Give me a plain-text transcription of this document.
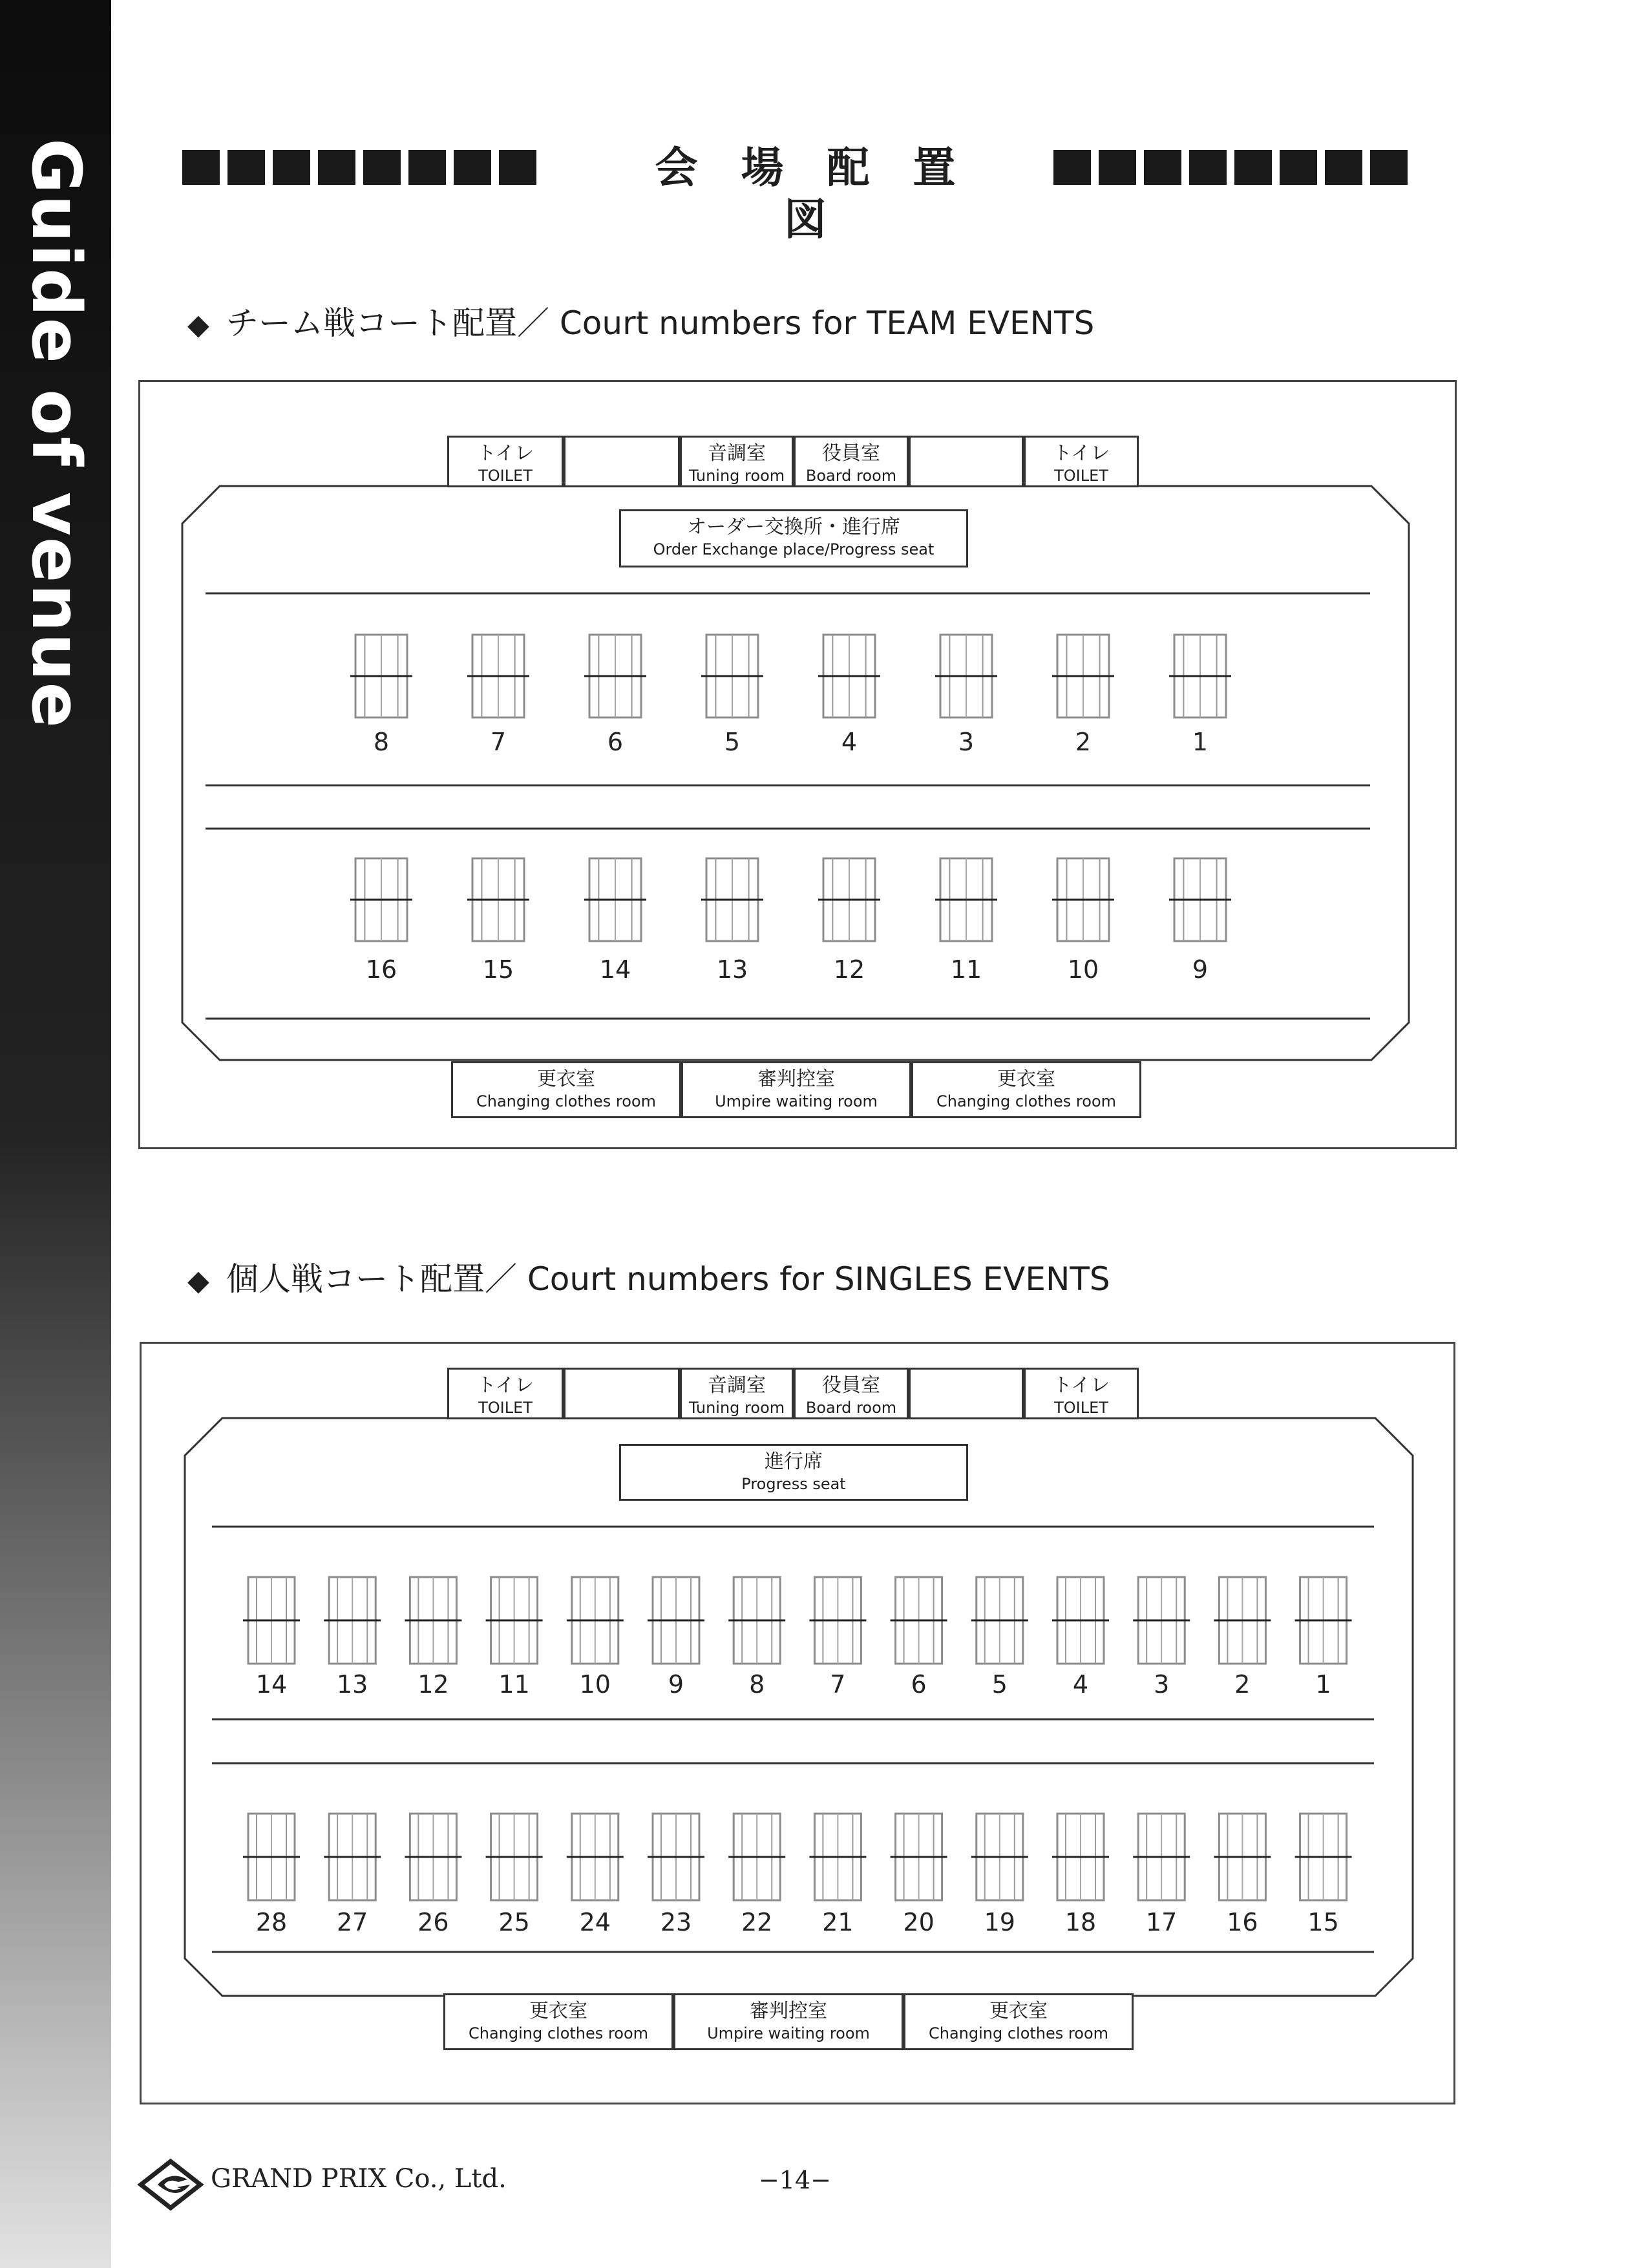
Guide of venue	会 場 配 置 図
◆ チーム戦コート配置／ Court numbers for TEAM EVENTS
8	7	6	5	4	3	2	1
16	15	14	13	12	11	10	9
トイレ
TOILET
音調室
Tuning room
役員室
Board room
トイレ
TOILET
オーダー交換所・進行席
Order Exchange place/Progress seat
更衣室
Changing clothes room
審判控室
Umpire waiting room
更衣室
Changing clothes room
◆ 個人戦コート配置／ Court numbers for SINGLES EVENTS
14	13	12	11	10	9	8	7	6	5	4	3	2	1
28	27	26	25	24	23	22	21	20	19	18	17	16	15
トイレ
TOILET
音調室
Tuning room
役員室
Board room
トイレ
TOILET
進行席
Progress seat
更衣室
Changing clothes room
審判控室
Umpire waiting room
更衣室
Changing clothes room
GRAND PRIX Co., Ltd.	−14−
